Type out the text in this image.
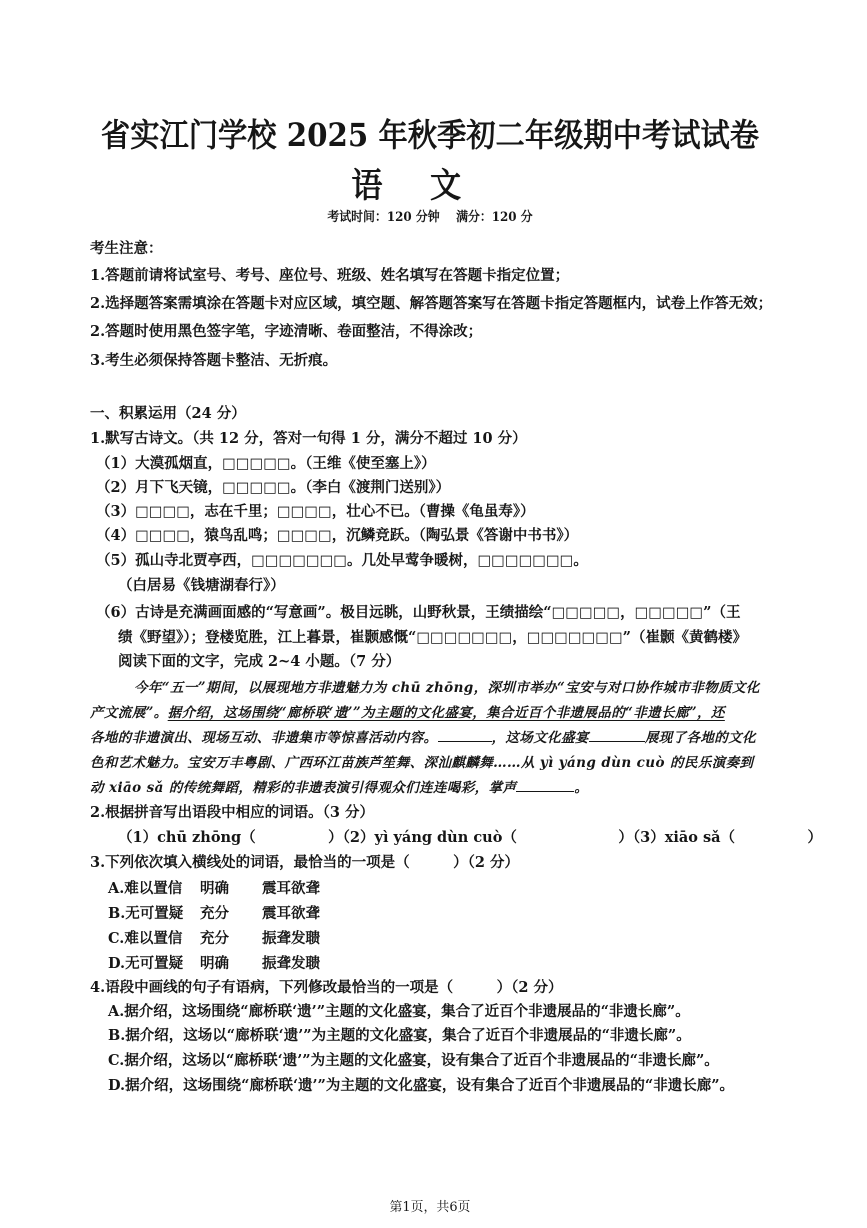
省实江门学校 2025 年秋季初二年级期中考试试卷
语文
考试时间：120 分钟 满分：120 分
考生注意：
1.答题前请将试室号、考号、座位号、班级、姓名填写在答题卡指定位置；
2.选择题答案需填涂在答题卡对应区域，填空题、解答题答案写在答题卡指定答题框内，试卷上作答无效；
2.答题时使用黑色签字笔，字迹清晰、卷面整洁，不得涂改；
3.考生必须保持答题卡整洁、无折痕。
一、积累运用（24 分）
1.默写古诗文。（共 12 分，答对一句得 1 分，满分不超过 10 分）
（1）大漠孤烟直，□□□□□。（王维《使至塞上》）
（2）月下飞天镜，□□□□□。（李白《渡荆门送别》）
（3）□□□□，志在千里；□□□□，壮心不已。（曹操《龟虽寿》）
（4）□□□□，猿鸟乱鸣；□□□□，沉鳞竞跃。（陶弘景《答谢中书书》）
（5）孤山寺北贾亭西，□□□□□□□。几处早莺争暖树，□□□□□□□。
（白居易《钱塘湖春行》）
（6）古诗是充满画面感的“写意画”。极目远眺，山野秋景，王绩描绘“□□□□□，□□□□□”（王
绩《野望》）；登楼览胜，江上暮景，崔颢感慨“□□□□□□□，□□□□□□□”（崔颢《黄鹤楼》
阅读下面的文字，完成 2~4 小题。（7 分）
今年“五一”期间，以展现地方非遗魅力为 chū zhōng，深圳市举办“宝安与对口协作城市非物质文化
产文流展”。据介绍，这场围绕“廊桥联‘遗’”为主题的文化盛宴，集合近百个非遗展品的“非遗长廊”，还
各地的非遗演出、现场互动、非遗集市等惊喜活动内容。	，这场文化盛宴	展现了各地的文化
色和艺术魅力。宝安万丰粤剧、广西环江苗族芦笙舞、深汕麒麟舞……从 yì yáng dùn cuò 的民乐演奏到
动 xiāo sǎ 的传统舞蹈，精彩的非遗表演引得观众们连连喝彩，掌声	。
2.根据拼音写出语段中相应的词语。（3 分）
（1）chū zhōng（　　　　　）（2）yì yáng dùn cuò（　　　　　　　）（3）xiāo sǎ（　　　　　）
3.下列依次填入横线处的词语，最恰当的一项是（　　　）（2 分）
A.难以置信 明确 震耳欲聋
B.无可置疑 充分 震耳欲聋
C.难以置信 充分 振聋发聩
D.无可置疑 明确 振聋发聩
4.语段中画线的句子有语病，下列修改最恰当的一项是（　　　）（2 分）
A.据介绍，这场围绕“廊桥联‘遗’”主题的文化盛宴，集合了近百个非遗展品的“非遗长廊”。
B.据介绍，这场以“廊桥联‘遗’”为主题的文化盛宴，集合了近百个非遗展品的“非遗长廊”。
C.据介绍，这场以“廊桥联‘遗’”为主题的文化盛宴，设有集合了近百个非遗展品的“非遗长廊”。
D.据介绍，这场围绕“廊桥联‘遗’”为主题的文化盛宴，设有集合了近百个非遗展品的“非遗长廊”。
第1页，共6页
